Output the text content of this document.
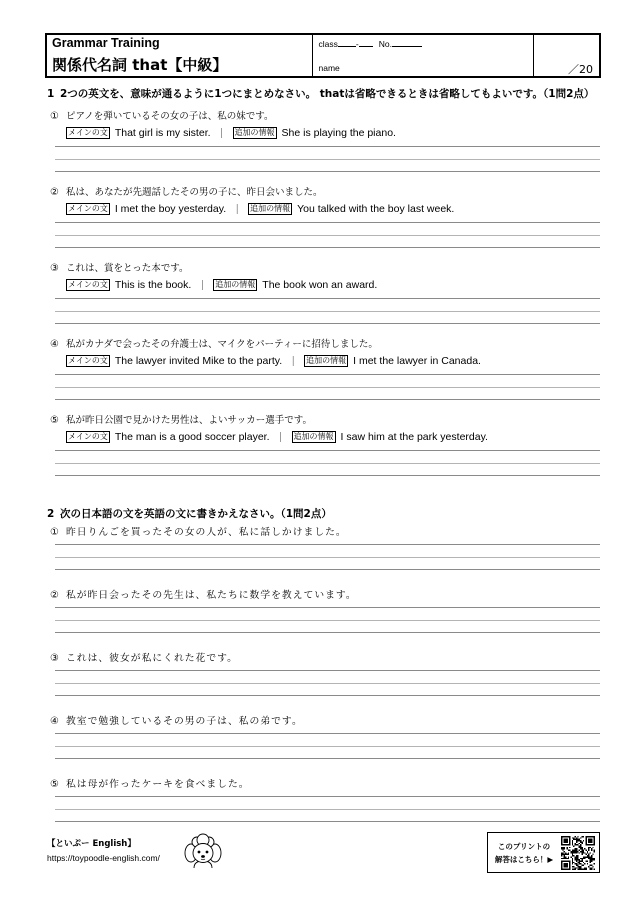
Grammar Training
関係代名詞 that【中級】
class - No.
name	／20
1 2つの英文を、意味が通るように1つにまとめなさい。 thatは省略できるときは省略してもよいです。（1問2点）
① ピアノを弾いているその女の子は、私の妹です。
メインの文 That girl is my sister. ｜ 追加の情報 She is playing the piano.
② 私は、あなたが先週話したその男の子に、昨日会いました。
メインの文 I met the boy yesterday. ｜ 追加の情報 You talked with the boy last week.
③ これは、賞をとった本です。
メインの文 This is the book. ｜ 追加の情報 The book won an award.
④ 私がカナダで会ったその弁護士は、マイクをパーティーに招待しました。
メインの文 The lawyer invited Mike to the party. ｜ 追加の情報 I met the lawyer in Canada.
⑤ 私が昨日公園で見かけた男性は、よいサッカー選手です。
メインの文 The man is a good soccer player. ｜ 追加の情報 I saw him at the park yesterday.
2 次の日本語の文を英語の文に書きかえなさい。（1問2点）
① 昨日りんごを買ったその女の人が、私に話しかけました。
② 私が昨日会ったその先生は、私たちに数学を教えています。
③ これは、彼女が私にくれた花です。
④ 教室で勉強しているその男の子は、私の弟です。
⑤ 私は母が作ったケーキを食べました。
【といぷー English】
https://toypoodle-english.com/
このプリントの
解答はこちら！▶
